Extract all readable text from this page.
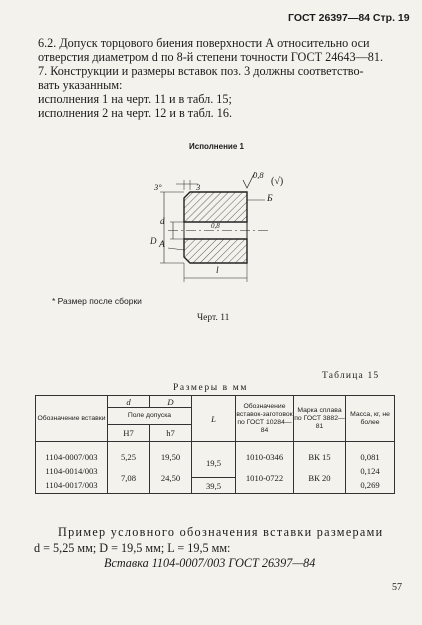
ГОСТ 26397—84 Стр. 19
6.2. Допуск торцового биения поверхности А относительно оси
отверстия диаметром d по 8-й степени точности ГОСТ 24643—81.
7. Конструкции и размеры вставок поз. 3 должны соответство-
вать указанным:
исполнения 1 на черт. 11 и в табл. 15;
исполнения 2 на черт. 12 и в табл. 16.
Исполнение 1
3°	3
0,8
(√)
Б
А
d
D
0,8
l
* Размер после сборки
Черт. 11
Таблица 15
Размеры в мм
Обозначение вставки	d	D	L	Обозначение вставок-заготовок по ГОСТ 10284—84	Марка сплава по ГОСТ 3882—81	Масса, кг, не более
	Поле допуска					
	H7	h7				

1104-0007/003	5,25	19,50	19,5	1010-0346	ВК 15	0,081
1104-0014/003	7,08	24,50		1010-0722	ВК 20	0,124
1104-0017/003			39,5			0,269
Пример условного обозначения вставки размерами
d = 5,25 мм; D = 19,5 мм; L = 19,5 мм:
Вставка 1104-0007/003 ГОСТ 26397—84
57
